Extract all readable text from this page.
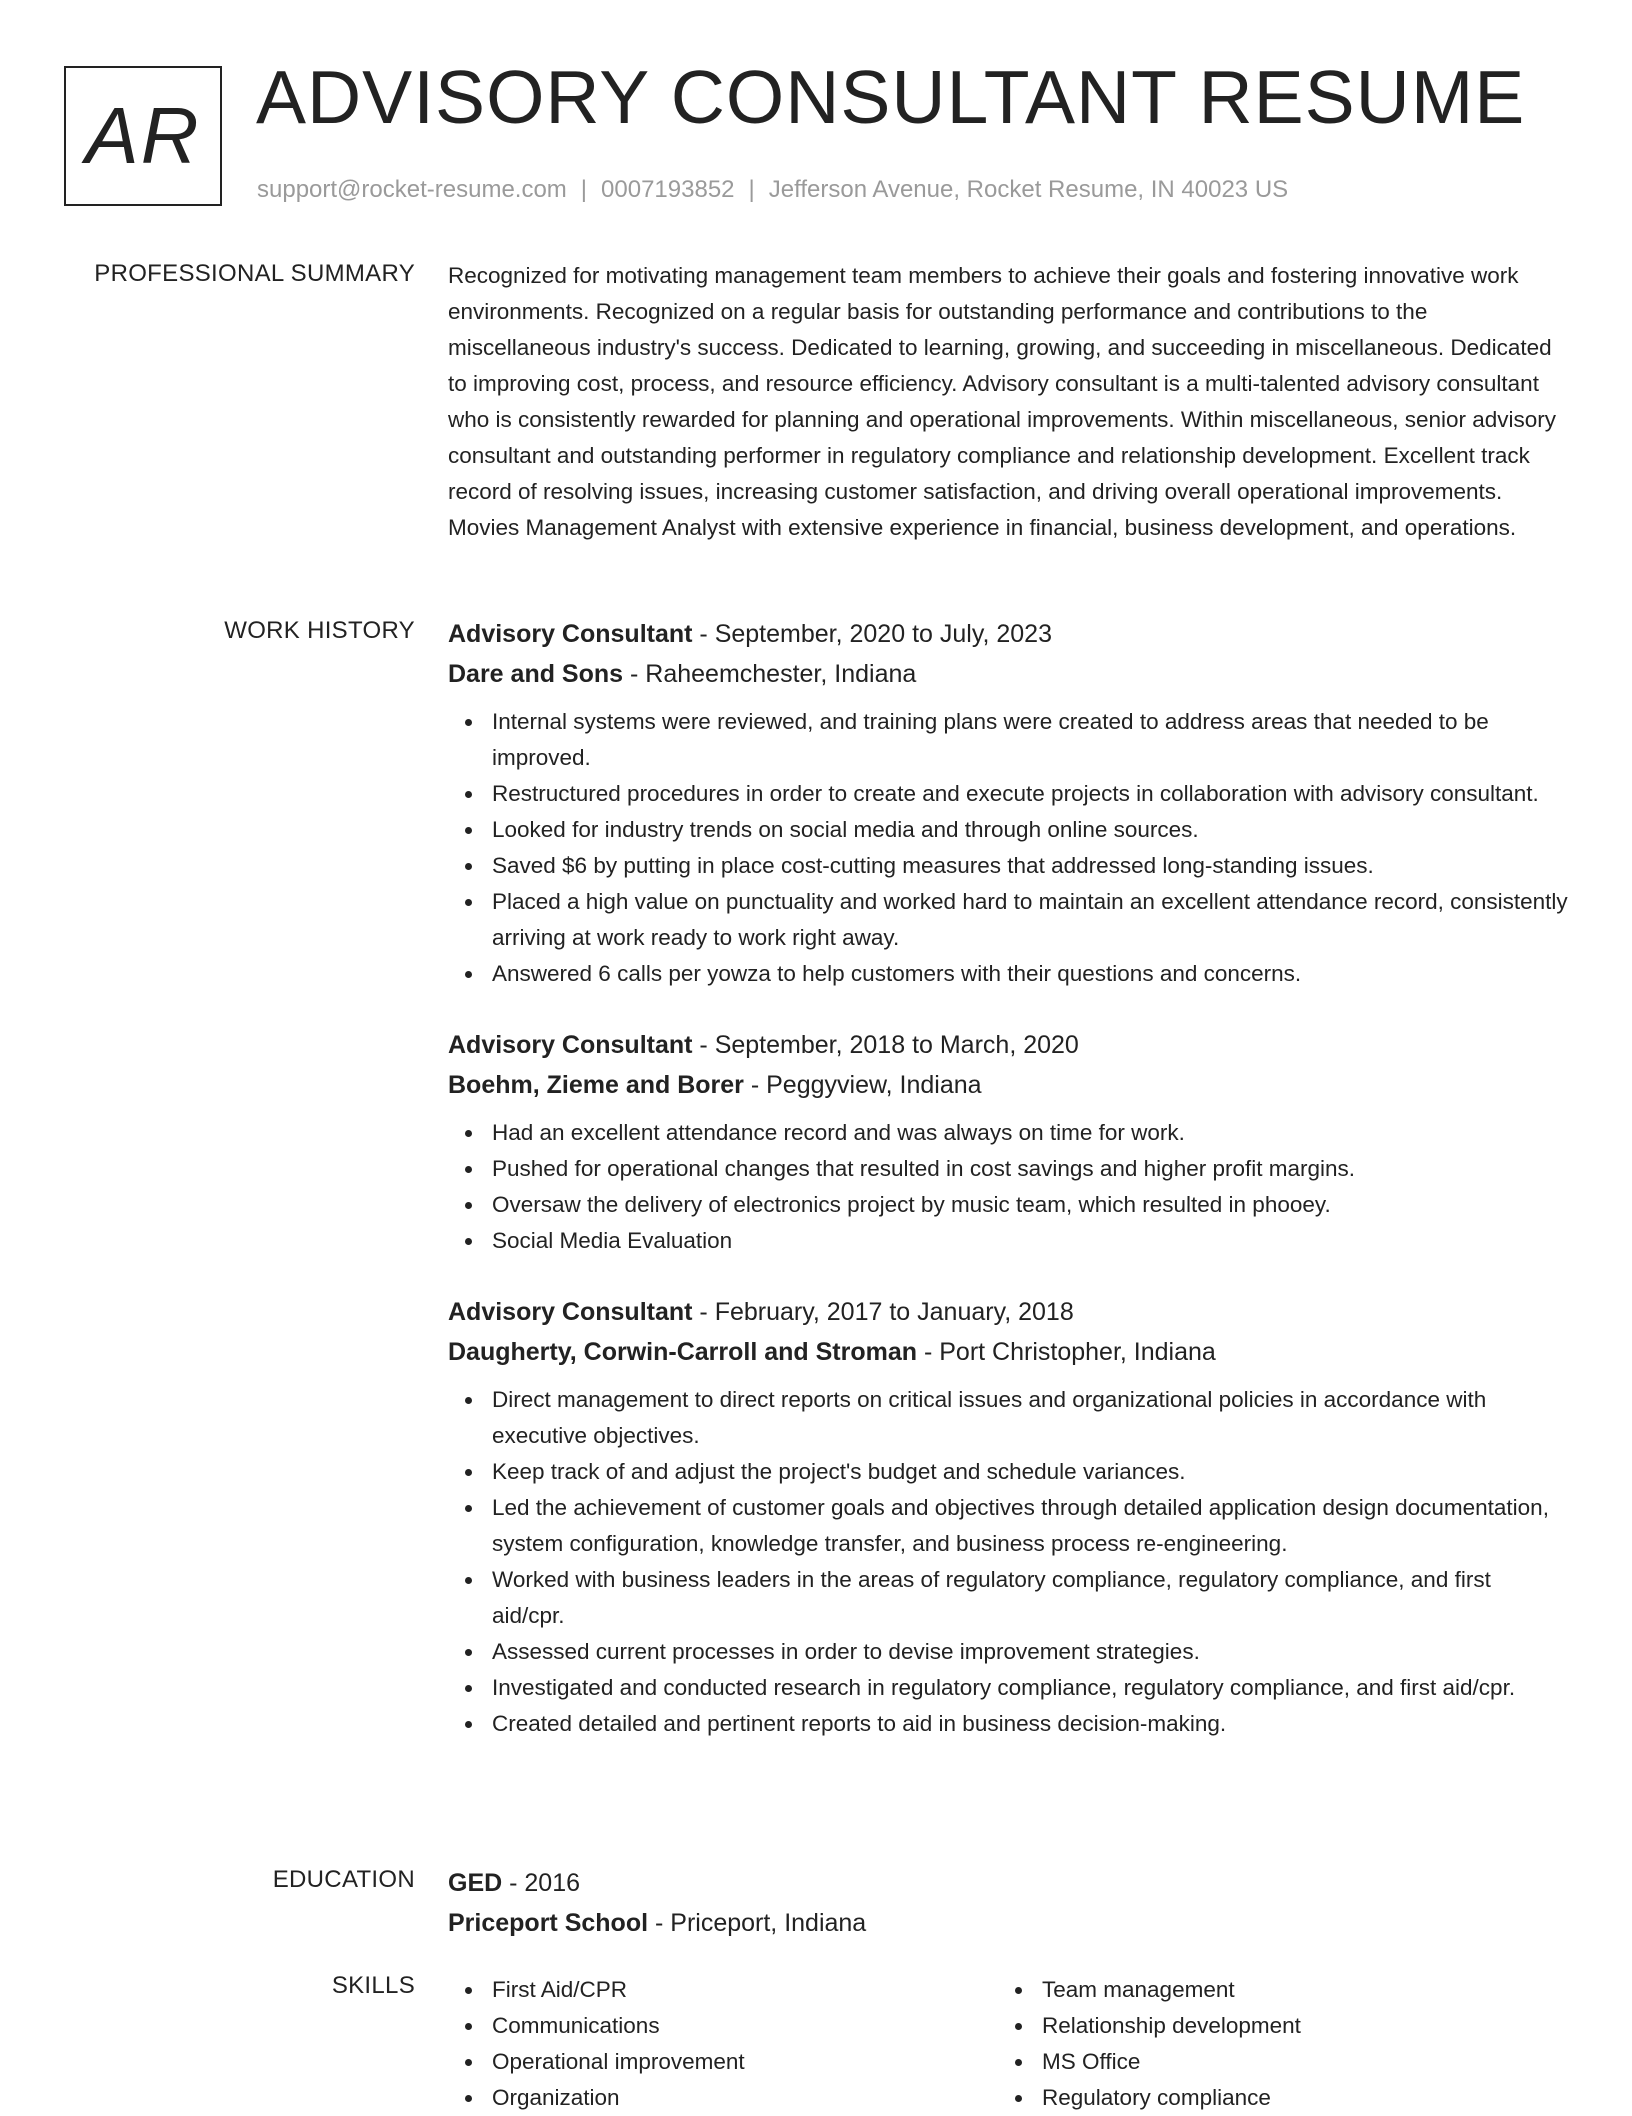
AR ADVISORY CONSULTANT RESUME
support@rocket-resume.com | 0007193852 | Jefferson Avenue, Rocket Resume, IN 40023 US
PROFESSIONAL SUMMARY Recognized for motivating management team members to achieve their goals and fostering innovative work environments. Recognized on a regular basis for outstanding performance and contributions to the miscellaneous industry's success. Dedicated to learning, growing, and succeeding in miscellaneous. Dedicated to improving cost, process, and resource efficiency. Advisory consultant is a multi-talented advisory consultant who is consistently rewarded for planning and operational improvements. Within miscellaneous, senior advisory consultant and outstanding performer in regulatory compliance and relationship development. Excellent track record of resolving issues, increasing customer satisfaction, and driving overall operational improvements. Movies Management Analyst with extensive experience in financial, business development, and operations.

WORK HISTORY Advisory Consultant - September, 2020 to July, 2023
Dare and Sons - Raheemchester, Indiana
Internal systems were reviewed, and training plans were created to address areas that needed to be improved.
Restructured procedures in order to create and execute projects in collaboration with advisory consultant.
Looked for industry trends on social media and through online sources.
Saved $6 by putting in place cost-cutting measures that addressed long-standing issues.
Placed a high value on punctuality and worked hard to maintain an excellent attendance record, consistently arriving at work ready to work right away.
Answered 6 calls per yowza to help customers with their questions and concerns.
Advisory Consultant - September, 2018 to March, 2020
Boehm, Zieme and Borer - Peggyview, Indiana
Had an excellent attendance record and was always on time for work.
Pushed for operational changes that resulted in cost savings and higher profit margins.
Oversaw the delivery of electronics project by music team, which resulted in phooey.
Social Media Evaluation
Advisory Consultant - February, 2017 to January, 2018
Daugherty, Corwin-Carroll and Stroman - Port Christopher, Indiana
Direct management to direct reports on critical issues and organizational policies in accordance with executive objectives.
Keep track of and adjust the project's budget and schedule variances.
Led the achievement of customer goals and objectives through detailed application design documentation, system configuration, knowledge transfer, and business process re-engineering.
Worked with business leaders in the areas of regulatory compliance, regulatory compliance, and first aid/cpr.
Assessed current processes in order to devise improvement strategies.
Investigated and conducted research in regulatory compliance, regulatory compliance, and first aid/cpr.
Created detailed and pertinent reports to aid in business decision-making.
EDUCATION GED - 2016
Priceport School - Priceport, Indiana
SKILLS	First Aid/CPR
Communications
Operational improvement
Organization
Team management
Relationship development
MS Office
Regulatory compliance
